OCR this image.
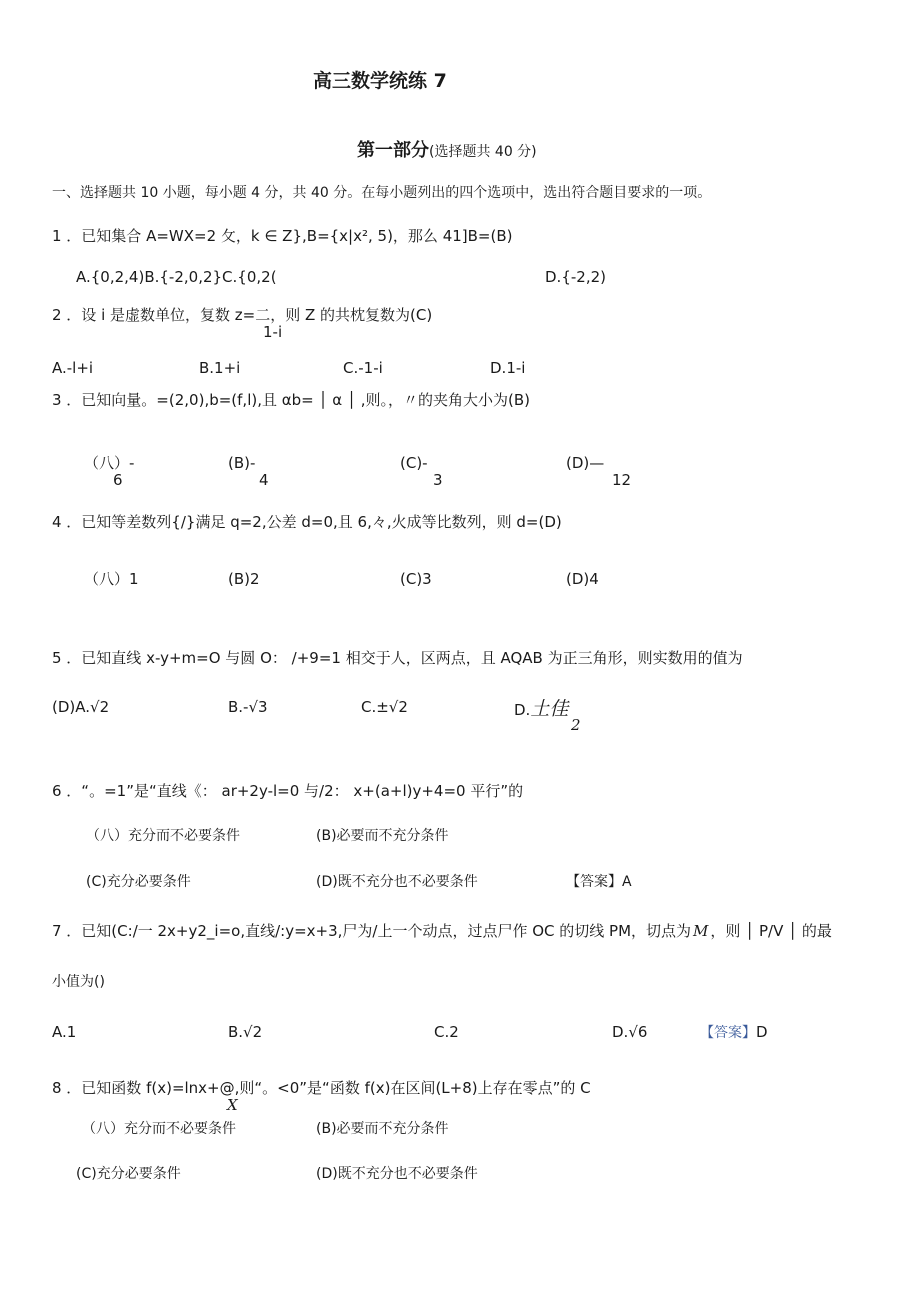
高三数学统练 7
第一部分(选择题共 40 分)
一、选择题共 10 小题，每小题 4 分，共 40 分。在每小题列出的四个选项中，选出符合题目要求的一项。
1 ．已知集合 A=WX=2 攵，k ∈ Z},B={x|x², 5)，那么 41]B=(B)
A.{0,2,4)B.{-2,0,2}C.{0,2(	D.{-2,2)
2 ．设 i 是虚数单位，复数 z=二，则 Z 的共枕复数为(C)
1-i
A.-l+i	B.1+i	C.-1-i	D.1-i
3 ．已知向量。=(2,0),b=(f,l),且 αb= │ α │ ,则。，〃的夹角大小为(B)
（八）-
6
(B)-
4
(C)-
3
(D)—
12
4 ．已知等差数列{/}满足 q=2,公差 d=0,且 6,々,火成等比数列，则 d=(D)
（八）1	(B)2	(C)3	(D)4
5 ．已知直线 x-y+m=O 与圆 O： /+9=1 相交于人，区两点，且 AQAB 为正三角形，则实数用的值为
(D)A.√2	B.-√3	C.±√2	D.土佳
2
6 ．“。=1”是“直线《： ar+2y-l=0 与/2： x+(a+l)y+4=0 平行”的
（八）充分而不必要条件	(B)必要而不充分条件
(C)充分必要条件	(D)既不充分也不必要条件	【答案】A
7 ．已知(C:/一 2x+y2_i=o,直线/:y=x+3,尸为/上一个动点，过点尸作 OC 的切线 PM，切点为 M ，则 │ P/V │ 的最
小值为()
A.1	B.√2	C.2	D.√6	【答案】D
8 ．已知函数 f(x)=lnx+@,则“。<0”是“函数 f(x)在区间(L+8)上存在零点”的 C
X
（八）充分而不必要条件	(B)必要而不充分条件
(C)充分必要条件	(D)既不充分也不必要条件
